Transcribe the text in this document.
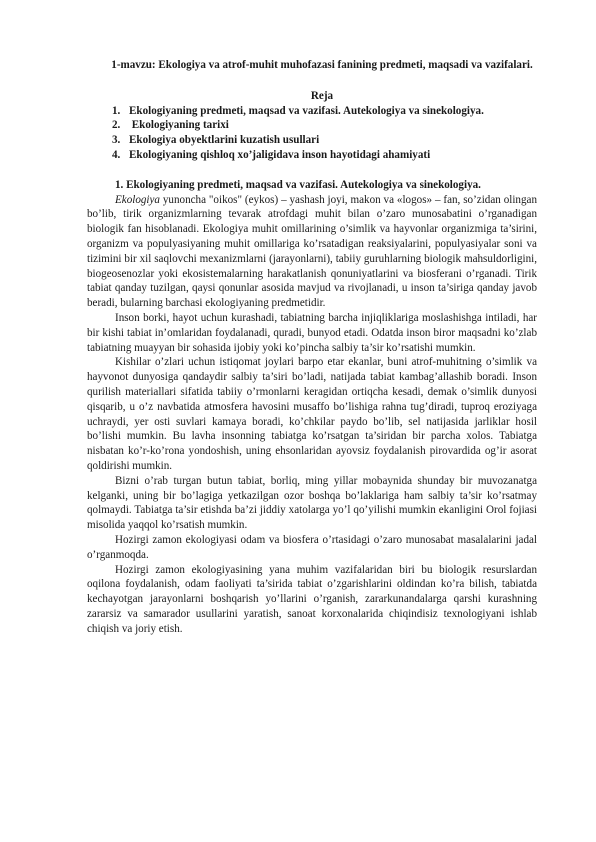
1-mavzu: Ekologiya va atrof-muhit muhofazasi fanining predmeti, maqsadi va vazifalari.

Reja

1. Ekologiyaning predmeti, maqsad va vazifasi. Autekologiya va sinekologiya.
2. Ekologiyaning tarixi
3. Ekologiya obyektlarini kuzatish usullari
4. Ekologiyaning qishloq xo’jaligidava inson hayotidagi ahamiyati

1. Ekologiyaning predmeti, maqsad va vazifasi. Autekologiya va sinekologiya.

Ekologiya yunoncha "oikos" (eykos) – yashash joyi, makon va «logos» – fan, so’zidan olingan bo’lib, tirik organizmlarning tevarak atrofdagi muhit bilan o’zaro munosabatini o’rganadigan biologik fan hisoblanadi. Ekologiya muhit omillarining o’simlik va hayvonlar organizmiga ta’sirini, organizm va populyasiyaning muhit omillariga ko’rsatadigan reaksiyalarini, populyasiyalar soni va tizimini bir xil saqlovchi mexanizmlarni (jarayonlarni), tabiiy guruhlarning biologik mahsuldorligini, biogeosenozlar yoki ekosistemalarning harakatlanish qonuniyatlarini va biosferani o’rganadi. Tirik tabiat qanday tuzilgan, qaysi qonunlar asosida mavjud va rivojlanadi, u inson ta’siriga qanday javob beradi, bularning barchasi ekologiyaning predmetidir.

Inson borki, hayot uchun kurashadi, tabiatning barcha injiqliklariga moslashishga intiladi, har bir kishi tabiat in’omlaridan foydalanadi, quradi, bunyod etadi. Odatda inson biror maqsadni ko’zlab tabiatning muayyan bir sohasida ijobiy yoki ko’pincha salbiy ta’sir ko’rsatishi mumkin.

Kishilar o’zlari uchun istiqomat joylari barpo etar ekanlar, buni atrof-muhitning o’simlik va hayvonot dunyosiga qandaydir salbiy ta’siri bo’ladi, natijada tabiat kambag’allashib boradi. Inson qurilish materiallari sifatida tabiiy o’rmonlarni keragidan ortiqcha kesadi, demak o’simlik dunyosi qisqarib, u o’z navbatida atmosfera havosini musaffo bo’lishiga rahna tug’diradi, tuproq eroziyaga uchraydi, yer osti suvlari kamaya boradi, ko’chkilar paydo bo’lib, sel natijasida jarliklar hosil bo’lishi mumkin. Bu lavha insonning tabiatga ko’rsatgan ta’siridan bir parcha xolos. Tabiatga nisbatan ko’r-ko’rona yondoshish, uning ehsonlaridan ayovsiz foydalanish pirovardida og’ir asorat qoldirishi mumkin.

Bizni o’rab turgan butun tabiat, borliq, ming yillar mobaynida shunday bir muvozanatga kelganki, uning bir bo’lagiga yetkazilgan ozor boshqa bo’laklariga ham salbiy ta’sir ko’rsatmay qolmaydi. Tabiatga ta’sir etishda ba’zi jiddiy xatolarga yo’l qo’yilishi mumkin ekanligini Orol fojiasi misolida yaqqol ko’rsatish mumkin.

Hozirgi zamon ekologiyasi odam va biosfera o’rtasidagi o’zaro munosabat masalalarini jadal o’rganmoqda.

Hozirgi zamon ekologiyasining yana muhim vazifalaridan biri bu biologik resurslardan oqilona foydalanish, odam faoliyati ta’sirida tabiat o’zgarishlarini oldindan ko’ra bilish, tabiatda kechayotgan jarayonlarni boshqarish yo’llarini o’rganish, zararkunandalarga qarshi kurashning zararsiz va samarador usullarini yaratish, sanoat korxonalarida chiqindisiz texnologiyani ishlab chiqish va joriy etish.
